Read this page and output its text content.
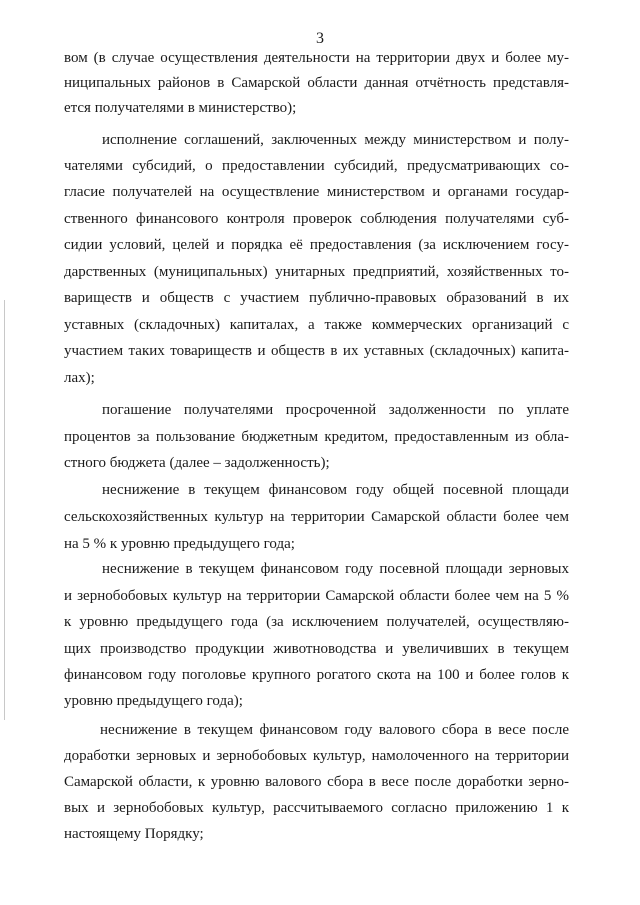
3
вом (в случае осуществления деятельности на территории двух и более му-
ниципальных районов в Самарской области данная отчётность представля-
ется получателями в министерство);
исполнение соглашений, заключенных между министерством и полу-
чателями субсидий, о предоставлении субсидий, предусматривающих со-
гласие получателей на осуществление министерством и органами государ-
ственного финансового контроля проверок соблюдения получателями суб-
сидии условий, целей и порядка её предоставления (за исключением госу-
дарственных (муниципальных) унитарных предприятий, хозяйственных то-
вариществ и обществ с участием публично-правовых образований в их
уставных (складочных) капиталах, а также коммерческих организаций с
участием таких товариществ и обществ в их уставных (складочных) капита-
лах);
погашение получателями просроченной задолженности по уплате
процентов за пользование бюджетным кредитом, предоставленным из обла-
стного бюджета (далее – задолженность);
неснижение в текущем финансовом году общей посевной площади
сельскохозяйственных культур на территории Самарской области более чем
на 5 % к уровню предыдущего года;
неснижение в текущем финансовом году посевной площади зерновых
и зернобобовых культур на территории Самарской области более чем на 5 %
к уровню предыдущего года (за исключением получателей, осуществляю-
щих производство продукции животноводства и увеличивших в текущем
финансовом году поголовье крупного рогатого скота на 100 и более голов к
уровню предыдущего года);
неснижение в текущем финансовом году валового сбора в весе после
доработки зерновых и зернобобовых культур, намолоченного на территории
Самарской области, к уровню валового сбора в весе после доработки зерно-
вых и зернобобовых культур, рассчитываемого согласно приложению 1 к
настоящему Порядку;
